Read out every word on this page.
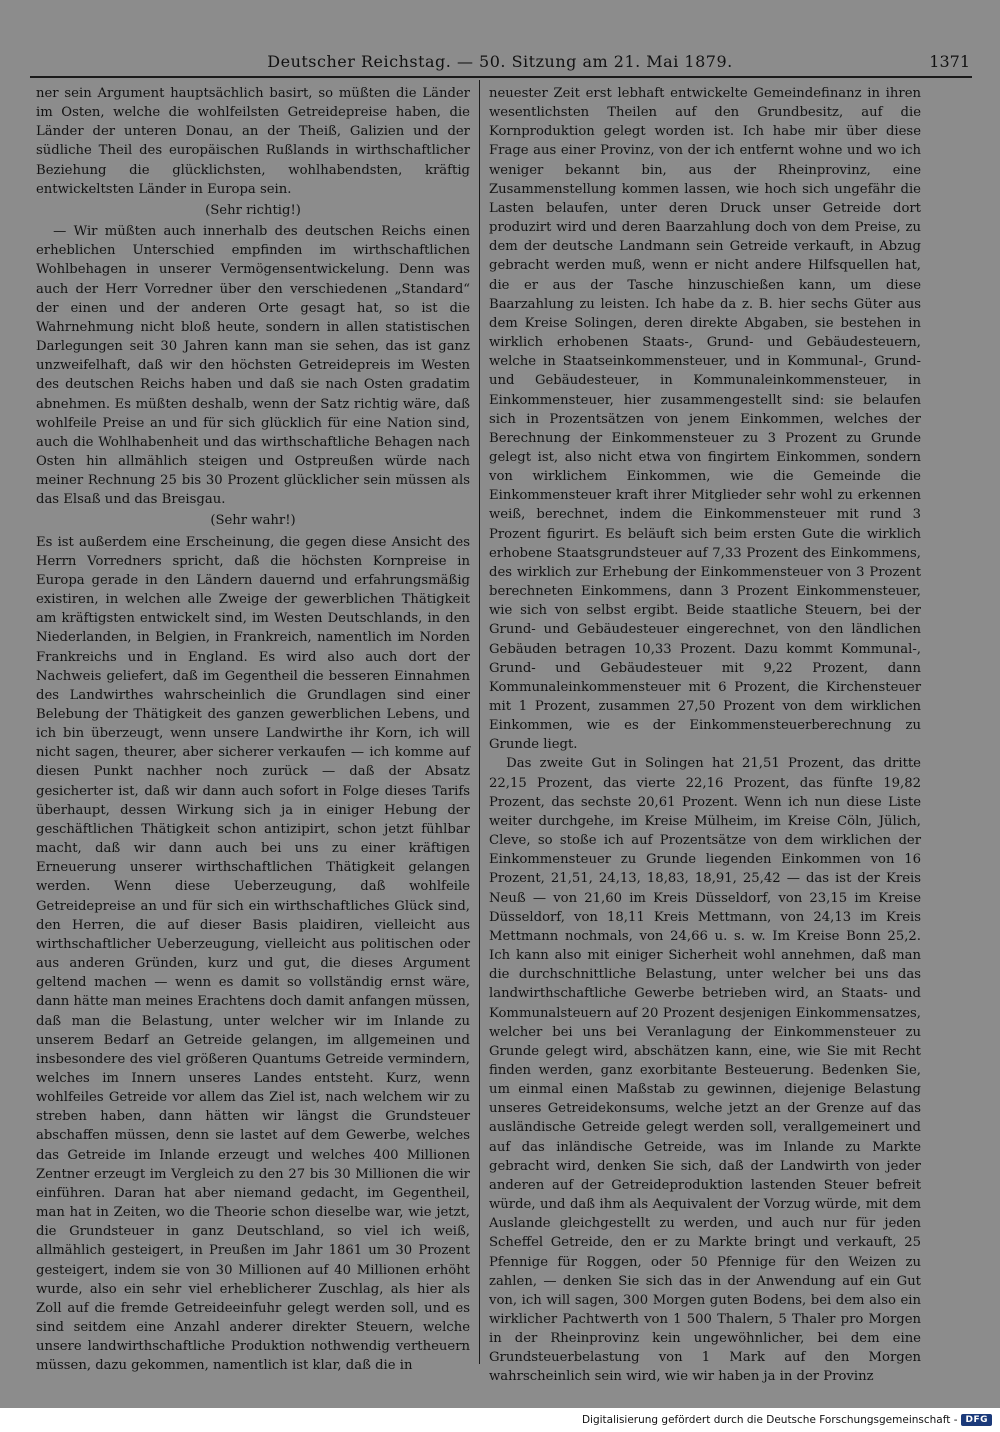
Deutscher Reichstag. — 50. Sitzung am 21. Mai 1879.	1371

ner sein Argument hauptsächlich basirt, so müßten die Länder im Osten, welche die wohlfeilsten Getreidepreise haben, die Länder der unteren Donau, an der Theiß, Galizien und der südliche Theil des europäischen Rußlands in wirthschaftlicher Beziehung die glücklichsten, wohlhabendsten, kräftig entwickeltsten Länder in Europa sein.

(Sehr richtig!)

— Wir müßten auch innerhalb des deutschen Reichs einen erheblichen Unterschied empfinden im wirthschaftlichen Wohlbehagen in unserer Vermögensentwickelung. Denn was auch der Herr Vorredner über den verschiedenen „Standard“ der einen und der anderen Orte gesagt hat, so ist die Wahrnehmung nicht bloß heute, sondern in allen statistischen Darlegungen seit 30 Jahren kann man sie sehen, das ist ganz unzweifelhaft, daß wir den höchsten Getreidepreis im Westen des deutschen Reichs haben und daß sie nach Osten gradatim abnehmen. Es müßten deshalb, wenn der Satz richtig wäre, daß wohlfeile Preise an und für sich glücklich für eine Nation sind, auch die Wohlhabenheit und das wirthschaftliche Behagen nach Osten hin allmählich steigen und Ostpreußen würde nach meiner Rechnung 25 bis 30 Prozent glücklicher sein müssen als das Elsaß und das Breisgau.

(Sehr wahr!)

Es ist außerdem eine Erscheinung, die gegen diese Ansicht des Herrn Vorredners spricht, daß die höchsten Kornpreise in Europa gerade in den Ländern dauernd und erfahrungsmäßig existiren, in welchen alle Zweige der gewerblichen Thätigkeit am kräftigsten entwickelt sind, im Westen Deutschlands, in den Niederlanden, in Belgien, in Frankreich, namentlich im Norden Frankreichs und in England. Es wird also auch dort der Nachweis geliefert, daß im Gegentheil die besseren Einnahmen des Landwirthes wahrscheinlich die Grundlagen sind einer Belebung der Thätigkeit des ganzen gewerblichen Lebens, und ich bin überzeugt, wenn unsere Landwirthe ihr Korn, ich will nicht sagen, theurer, aber sicherer verkaufen — ich komme auf diesen Punkt nachher noch zurück — daß der Absatz gesicherter ist, daß wir dann auch sofort in Folge dieses Tarifs überhaupt, dessen Wirkung sich ja in einiger Hebung der geschäftlichen Thätigkeit schon antizipirt, schon jetzt fühlbar macht, daß wir dann auch bei uns zu einer kräftigen Erneuerung unserer wirthschaftlichen Thätigkeit gelangen werden. Wenn diese Ueberzeugung, daß wohlfeile Getreidepreise an und für sich ein wirthschaftliches Glück sind, den Herren, die auf dieser Basis plaidiren, vielleicht aus wirthschaftlicher Ueberzeugung, vielleicht aus politischen oder aus anderen Gründen, kurz und gut, die dieses Argument geltend machen — wenn es damit so vollständig ernst wäre, dann hätte man meines Erachtens doch damit anfangen müssen, daß man die Belastung, unter welcher wir im Inlande zu unserem Bedarf an Getreide gelangen, im allgemeinen und insbesondere des viel größeren Quantums Getreide vermindern, welches im Innern unseres Landes entsteht. Kurz, wenn wohlfeiles Getreide vor allem das Ziel ist, nach welchem wir zu streben haben, dann hätten wir längst die Grundsteuer abschaffen müssen, denn sie lastet auf dem Gewerbe, welches das Getreide im Inlande erzeugt und welches 400 Millionen Zentner erzeugt im Vergleich zu den 27 bis 30 Millionen die wir einführen. Daran hat aber niemand gedacht, im Gegentheil, man hat in Zeiten, wo die Theorie schon dieselbe war, wie jetzt, die Grundsteuer in ganz Deutschland, so viel ich weiß, allmählich gesteigert, in Preußen im Jahr 1861 um 30 Prozent gesteigert, indem sie von 30 Millionen auf 40 Millionen erhöht wurde, also ein sehr viel erheblicherer Zuschlag, als hier als Zoll auf die fremde Getreideeinfuhr gelegt werden soll, und es sind seitdem eine Anzahl anderer direkter Steuern, welche unsere landwirthschaftliche Produktion nothwendig vertheuern müssen, dazu gekommen, namentlich ist klar, daß die in

neuester Zeit erst lebhaft entwickelte Gemeindefinanz in ihren wesentlichsten Theilen auf den Grundbesitz, auf die Kornproduktion gelegt worden ist. Ich habe mir über diese Frage aus einer Provinz, von der ich entfernt wohne und wo ich weniger bekannt bin, aus der Rheinprovinz, eine Zusammenstellung kommen lassen, wie hoch sich ungefähr die Lasten belaufen, unter deren Druck unser Getreide dort produzirt wird und deren Baarzahlung doch von dem Preise, zu dem der deutsche Landmann sein Getreide verkauft, in Abzug gebracht werden muß, wenn er nicht andere Hilfsquellen hat, die er aus der Tasche hinzuschießen kann, um diese Baarzahlung zu leisten. Ich habe da z. B. hier sechs Güter aus dem Kreise Solingen, deren direkte Abgaben, sie bestehen in wirklich erhobenen Staats-, Grund- und Gebäudesteuern, welche in Staatseinkommensteuer, und in Kommunal-, Grund- und Gebäudesteuer, in Kommunaleinkommensteuer, in Einkommensteuer, hier zusammengestellt sind: sie belaufen sich in Prozentsätzen von jenem Einkommen, welches der Berechnung der Einkommensteuer zu 3 Prozent zu Grunde gelegt ist, also nicht etwa von fingirtem Einkommen, sondern von wirklichem Einkommen, wie die Gemeinde die Einkommensteuer kraft ihrer Mitglieder sehr wohl zu erkennen weiß, berechnet, indem die Einkommensteuer mit rund 3 Prozent figurirt. Es beläuft sich beim ersten Gute die wirklich erhobene Staatsgrundsteuer auf 7,33 Prozent des Einkommens, des wirklich zur Erhebung der Einkommensteuer von 3 Prozent berechneten Einkommens, dann 3 Prozent Einkommensteuer, wie sich von selbst ergibt. Beide staatliche Steuern, bei der Grund- und Gebäudesteuer eingerechnet, von den ländlichen Gebäuden betragen 10,33 Prozent. Dazu kommt Kommunal-, Grund- und Gebäudesteuer mit 9,22 Prozent, dann Kommunaleinkommensteuer mit 6 Prozent, die Kirchensteuer mit 1 Prozent, zusammen 27,50 Prozent von dem wirklichen Einkommen, wie es der Einkommensteuerberechnung zu Grunde liegt.

Das zweite Gut in Solingen hat 21,51 Prozent, das dritte 22,15 Prozent, das vierte 22,16 Prozent, das fünfte 19,82 Prozent, das sechste 20,61 Prozent. Wenn ich nun diese Liste weiter durchgehe, im Kreise Mülheim, im Kreise Cöln, Jülich, Cleve, so stoße ich auf Prozentsätze von dem wirklichen der Einkommensteuer zu Grunde liegenden Einkommen von 16 Prozent, 21,51, 24,13, 18,83, 18,91, 25,42 — das ist der Kreis Neuß — von 21,60 im Kreis Düsseldorf, von 23,15 im Kreise Düsseldorf, von 18,11 Kreis Mettmann, von 24,13 im Kreis Mettmann nochmals, von 24,66 u. s. w. Im Kreise Bonn 25,2. Ich kann also mit einiger Sicherheit wohl annehmen, daß man die durchschnittliche Belastung, unter welcher bei uns das landwirthschaftliche Gewerbe betrieben wird, an Staats- und Kommunalsteuern auf 20 Prozent desjenigen Einkommensatzes, welcher bei uns bei Veranlagung der Einkommensteuer zu Grunde gelegt wird, abschätzen kann, eine, wie Sie mit Recht finden werden, ganz exorbitante Besteuerung. Bedenken Sie, um einmal einen Maßstab zu gewinnen, diejenige Belastung unseres Getreidekonsums, welche jetzt an der Grenze auf das ausländische Getreide gelegt werden soll, verallgemeinert und auf das inländische Getreide, was im Inlande zu Markte gebracht wird, denken Sie sich, daß der Landwirth von jeder anderen auf der Getreideproduktion lastenden Steuer befreit würde, und daß ihm als Aequivalent der Vorzug würde, mit dem Auslande gleichgestellt zu werden, und auch nur für jeden Scheffel Getreide, den er zu Markte bringt und verkauft, 25 Pfennige für Roggen, oder 50 Pfennige für den Weizen zu zahlen, — denken Sie sich das in der Anwendung auf ein Gut von, ich will sagen, 300 Morgen guten Bodens, bei dem also ein wirklicher Pachtwerth von 1 500 Thalern, 5 Thaler pro Morgen in der Rheinprovinz kein ungewöhnlicher, bei dem eine Grundsteuerbelastung von 1 Mark auf den Morgen wahrscheinlich sein wird, wie wir haben ja in der Provinz

Digitalisierung gefördert durch die Deutsche Forschungsgemeinschaft - DFG
